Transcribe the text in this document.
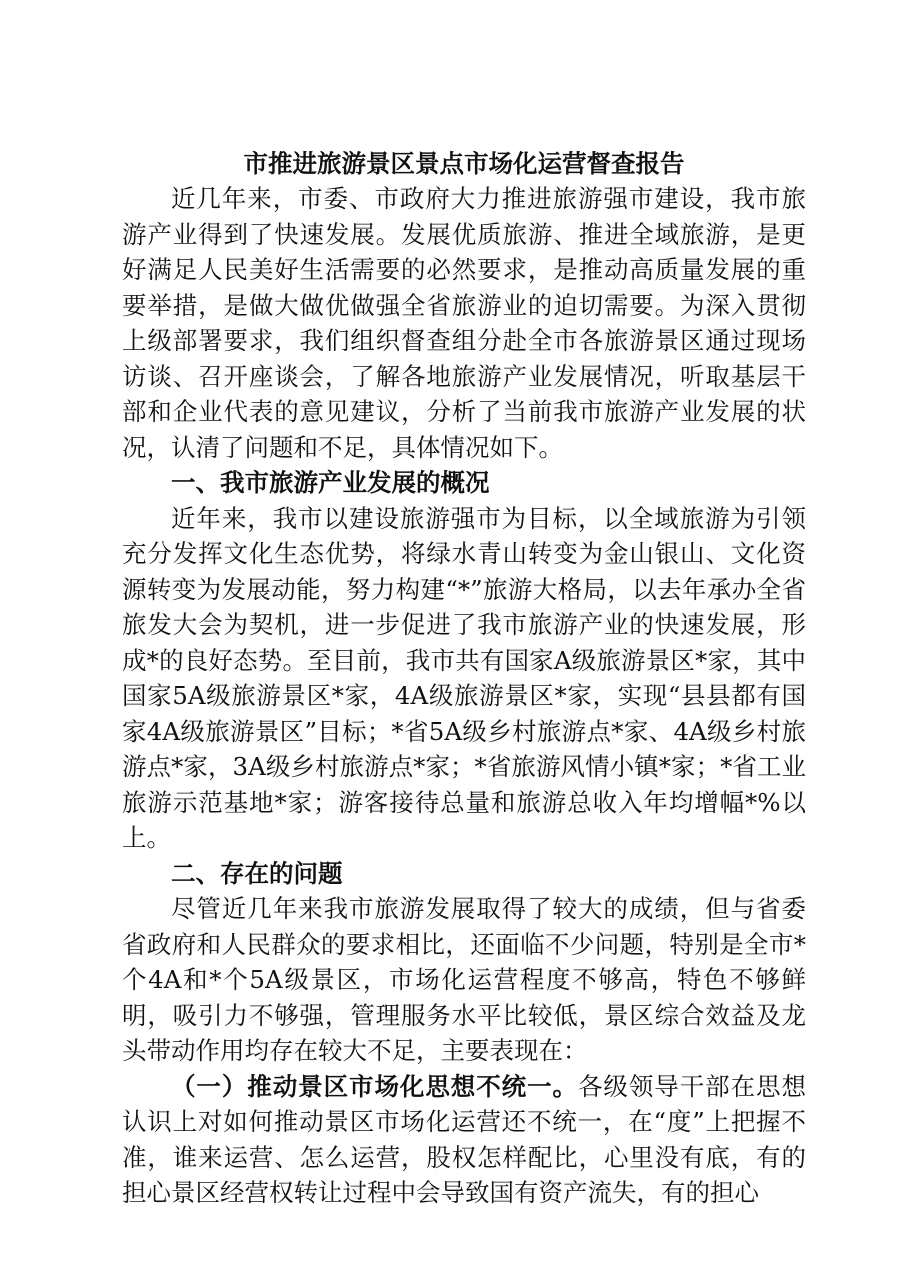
市推进旅游景区景点市场化运营督查报告

近几年来，市委、市政府大力推进旅游强市建设，我市旅游产业得到了快速发展。发展优质旅游、推进全域旅游，是更好满足人民美好生活需要的必然要求，是推动高质量发展的重要举措，是做大做优做强全省旅游业的迫切需要。为深入贯彻上级部署要求，我们组织督查组分赴全市各旅游景区通过现场访谈、召开座谈会，了解各地旅游产业发展情况，听取基层干部和企业代表的意见建议，分析了当前我市旅游产业发展的状况，认清了问题和不足，具体情况如下。

一、我市旅游产业发展的概况

近年来，我市以建设旅游强市为目标，以全域旅游为引领充分发挥文化生态优势，将绿水青山转变为金山银山、文化资源转变为发展动能，努力构建“*”旅游大格局，以去年承办全省旅发大会为契机，进一步促进了我市旅游产业的快速发展，形成*的良好态势。至目前，我市共有国家A级旅游景区*家，其中国家5A级旅游景区*家，4A级旅游景区*家，实现“县县都有国家4A级旅游景区”目标；*省5A级乡村旅游点*家、4A级乡村旅游点*家，3A级乡村旅游点*家；*省旅游风情小镇*家；*省工业旅游示范基地*家；游客接待总量和旅游总收入年均增幅*%以上。

二、存在的问题

尽管近几年来我市旅游发展取得了较大的成绩，但与省委省政府和人民群众的要求相比，还面临不少问题，特别是全市*个4A和*个5A级景区，市场化运营程度不够高，特色不够鲜明，吸引力不够强，管理服务水平比较低，景区综合效益及龙头带动作用均存在较大不足，主要表现在：

（一）推动景区市场化思想不统一。各级领导干部在思想认识上对如何推动景区市场化运营还不统一，在“度”上把握不准，谁来运营、怎么运营，股权怎样配比，心里没有底，有的担心景区经营权转让过程中会导致国有资产流失，有的担心
